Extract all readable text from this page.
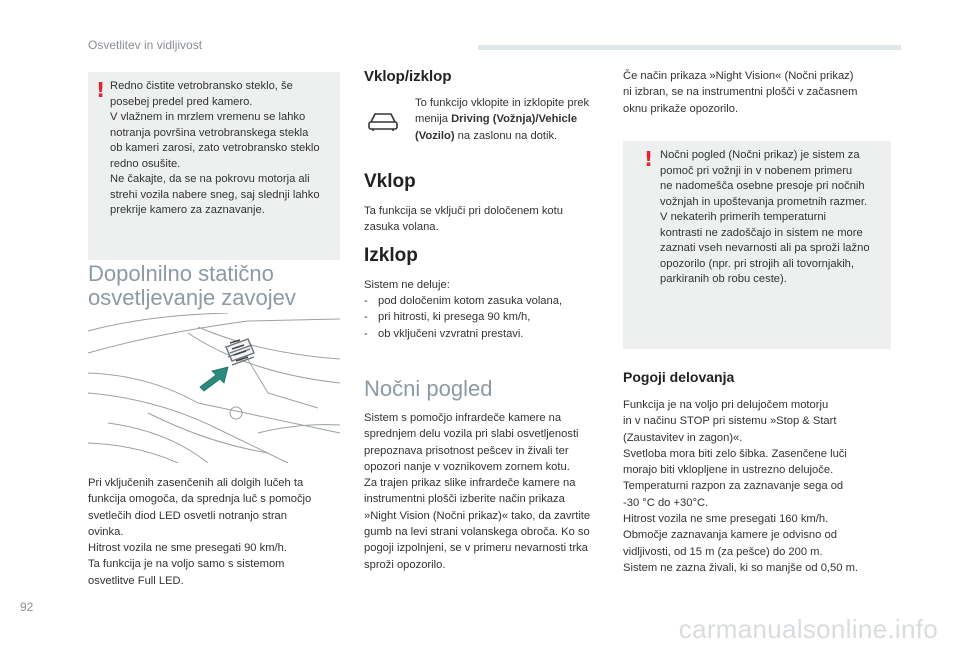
Osvetlitev in vidljivost
! Redno čistite vetrobransko steklo, še
posebej predel pred kamero.
V vlažnem in mrzlem vremenu se lahko
notranja površina vetrobranskega stekla
ob kameri zarosi, zato vetrobransko steklo
redno osušite.
Ne čakajte, da se na pokrovu motorja ali
strehi vozila nabere sneg, saj slednji lahko
prekrije kamero za zaznavanje.
Dopolnilno statično
osvetljevanje zavojev
Pri vključenih zasenčenih ali dolgih lučeh ta
funkcija omogoča, da sprednja luč s pomočjo
svetlečih diod LED osvetli notranjo stran
ovinka.
Hitrost vozila ne sme presegati 90 km/h.
Ta funkcija je na voljo samo s sistemom
osvetlitve Full LED.
Vklop/izklop
To funkcijo vklopite in izklopite prek
menija Driving (Vožnja)/Vehicle
(Vozilo) na zaslonu na dotik.
Vklop
Ta funkcija se vključi pri določenem kotu
zasuka volana.
Izklop
Sistem ne deluje:
- pod določenim kotom zasuka volana,
- pri hitrosti, ki presega 90 km/h,
- ob vključeni vzvratni prestavi.
Nočni pogled
Sistem s pomočjo infrardeče kamere na
sprednjem delu vozila pri slabi osvetljenosti
prepoznava prisotnost pešcev in živali ter
opozori nanje v voznikovem zornem kotu.
Za trajen prikaz slike infrardeče kamere na
instrumentni plošči izberite način prikaza
»Night Vision (Nočni prikaz)« tako, da zavrtite
gumb na levi strani volanskega obroča. Ko so
pogoji izpolnjeni, se v primeru nevarnosti trka
sproži opozorilo.
Če način prikaza »Night Vision« (Nočni prikaz)
ni izbran, se na instrumentni plošči v začasnem
oknu prikaže opozorilo.
! Nočni pogled (Nočni prikaz) je sistem za
pomoč pri vožnji in v nobenem primeru
ne nadomešča osebne presoje pri nočnih
vožnjah in upoštevanja prometnih razmer.
V nekaterih primerih temperaturni
kontrasti ne zadoščajo in sistem ne more
zaznati vseh nevarnosti ali pa sproži lažno
opozorilo (npr. pri strojih ali tovornjakih,
parkiranih ob robu ceste).
Pogoji delovanja
Funkcija je na voljo pri delujočem motorju
in v načinu STOP pri sistemu »Stop & Start
(Zaustavitev in zagon)«.
Svetloba mora biti zelo šibka. Zasenčene luči
morajo biti vklopljene in ustrezno delujoče.
Temperaturni razpon za zaznavanje sega od
-30 °C do +30°C.
Hitrost vozila ne sme presegati 160 km/h.
Območje zaznavanja kamere je odvisno od
vidljivosti, od 15 m (za pešce) do 200 m.
Sistem ne zazna živali, ki so manjše od 0,50 m.
92
carmanualsonline.info
